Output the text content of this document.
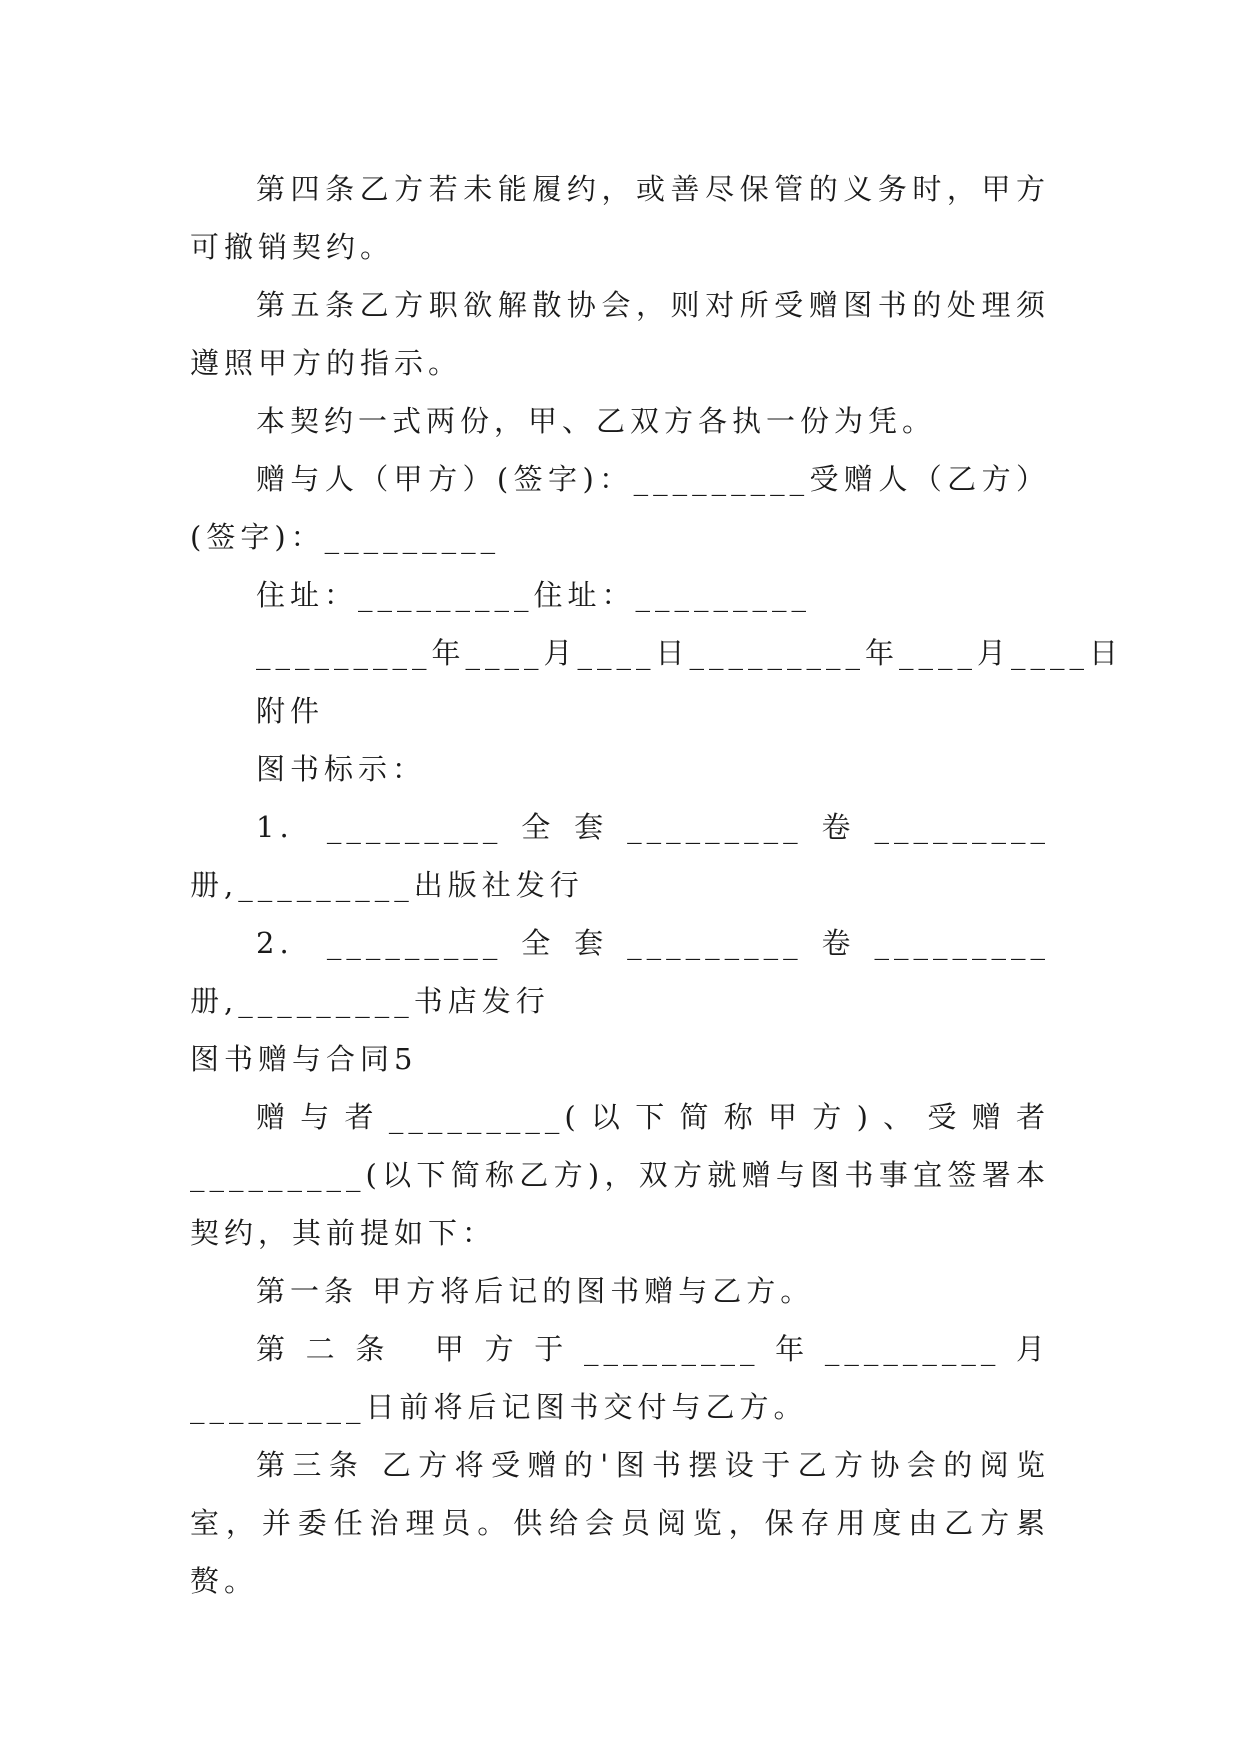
第四条乙方若未能履约，或善尽保管的义务时，甲方可撤销契约。

第五条乙方职欲解散协会，则对所受赠图书的处理须遵照甲方的指示。

本契约一式两份，甲、乙双方各执一份为凭。

赠与人（甲方）(签字)：_________受赠人（乙方）(签字)：_________

住址：_________住址：_________

_________年____月____日_________年____月____日

附件

图书标示：

1. _________全套_________卷_________册,_________出版社发行

2. _________全套_________卷_________册,_________书店发行

图书赠与合同5

赠与者_________(以下简称甲方)、受赠者_________(以下简称乙方)，双方就赠与图书事宜签署本契约，其前提如下：

第一条 甲方将后记的图书赠与乙方。

第二条 甲方于_________年_________月_________日前将后记图书交付与乙方。

第三条 乙方将受赠的'图书摆设于乙方协会的阅览室，并委任治理员。供给会员阅览，保存用度由乙方累赘。
